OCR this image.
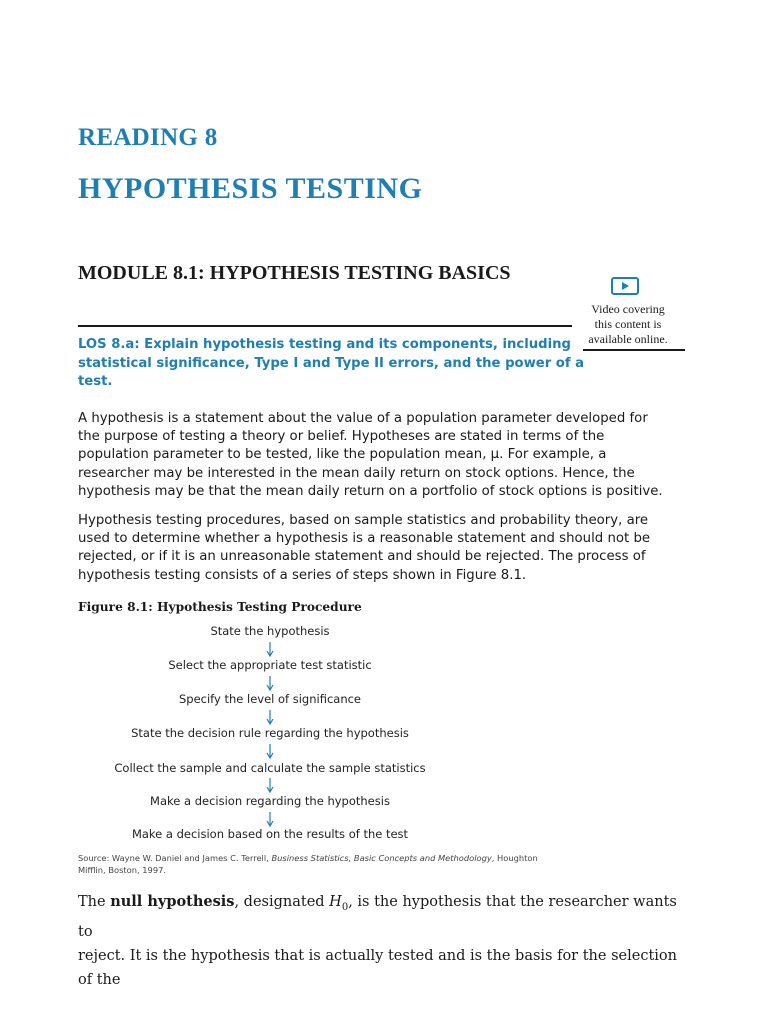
READING 8
HYPOTHESIS TESTING
MODULE 8.1: HYPOTHESIS TESTING BASICS
Video covering
this content is
available online.
LOS 8.a: Explain hypothesis testing and its components, including
statistical significance, Type I and Type II errors, and the power of a
test.
A hypothesis is a statement about the value of a population parameter developed for
the purpose of testing a theory or belief. Hypotheses are stated in terms of the
population parameter to be tested, like the population mean, μ. For example, a
researcher may be interested in the mean daily return on stock options. Hence, the
hypothesis may be that the mean daily return on a portfolio of stock options is positive.
Hypothesis testing procedures, based on sample statistics and probability theory, are
used to determine whether a hypothesis is a reasonable statement and should not be
rejected, or if it is an unreasonable statement and should be rejected. The process of
hypothesis testing consists of a series of steps shown in Figure 8.1.
Figure 8.1: Hypothesis Testing Procedure
State the hypothesis
Select the appropriate test statistic
Specify the level of significance
State the decision rule regarding the hypothesis
Collect the sample and calculate the sample statistics
Make a decision regarding the hypothesis
Make a decision based on the results of the test
Source: Wayne W. Daniel and James C. Terrell, Business Statistics, Basic Concepts and Methodology, Houghton
Mifflin, Boston, 1997.
The null hypothesis, designated $H_0$, is the hypothesis that the researcher wants to
reject. It is the hypothesis that is actually tested and is the basis for the selection of the
